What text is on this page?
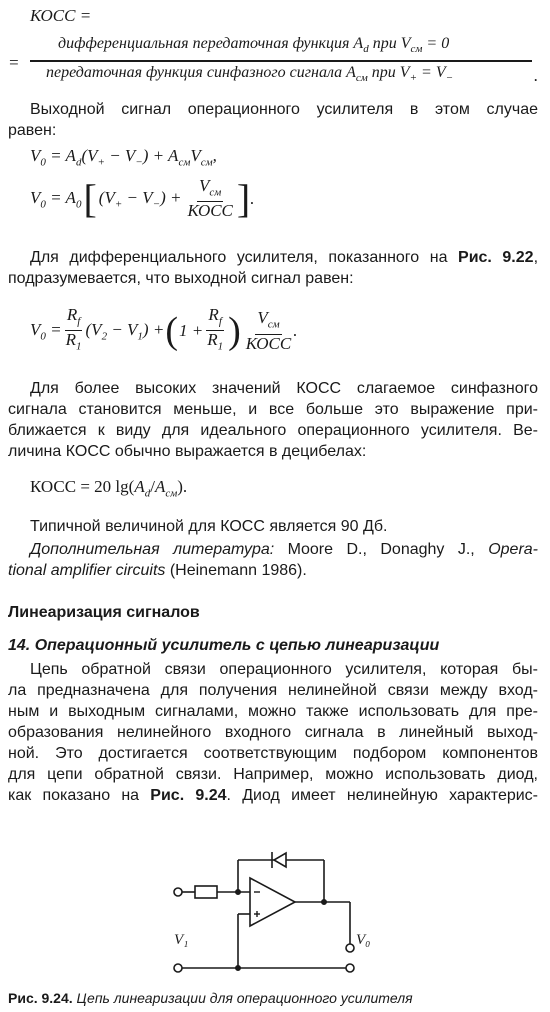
КОСС =
=
дифференциальная передаточная функция $A_d$ при $V_{см} = 0$
передаточная функция синфазного сигнала $A_{см}$ при $V_+ = V_-$	.
Выходной сигнал операционного усилителя в этом случае
равен:
$V_0 = A_d(V_+ - V_-) + A_{см}V_{см}$,
$V_0 = A_0$ [ $(V_+ - V_-) + \frac{V_{см}}{\text{КОСС}}$ ] .
Для дифференциального усилителя, показанного на Рис. 9.22,
подразумевается, что выходной сигнал равен:
$V_0 = \frac{R_f}{R_1} (V_2 - V_1)$ + ( $1 + \frac{R_f}{R_1}$ ) $\frac{V_{см}}{\text{КОСС}}$ .
Для более высоких значений КОСС слагаемое синфазного
сигнала становится меньше, и все больше это выражение при-
ближается к виду для идеального операционного усилителя. Ве-
личина КОСС обычно выражается в децибелах:
КОСС = 20 $\lg(A_d/A_{см})$.
Типичной величиной для КОСС является 90 Дб.
Дополнительная литература: Moore D., Donaghy J., Opera-
tional amplifier circuits (Heinemann 1986).
Линеаризация сигналов
14. Операционный усилитель с цепью линеаризации
Цепь обратной связи операционного усилителя, которая бы-
ла предназначена для получения нелинейной связи между вход-
ным и выходным сигналами, можно также использовать для пре-
образования нелинейного входного сигнала в линейный выход-
ной. Это достигается соответствующим подбором компонентов
для цепи обратной связи. Например, можно использовать диод,
как показано на Рис. 9.24. Диод имеет нелинейную характерис-
V₁	V₀
Рис. 9.24. Цепь линеаризации для операционного усилителя
